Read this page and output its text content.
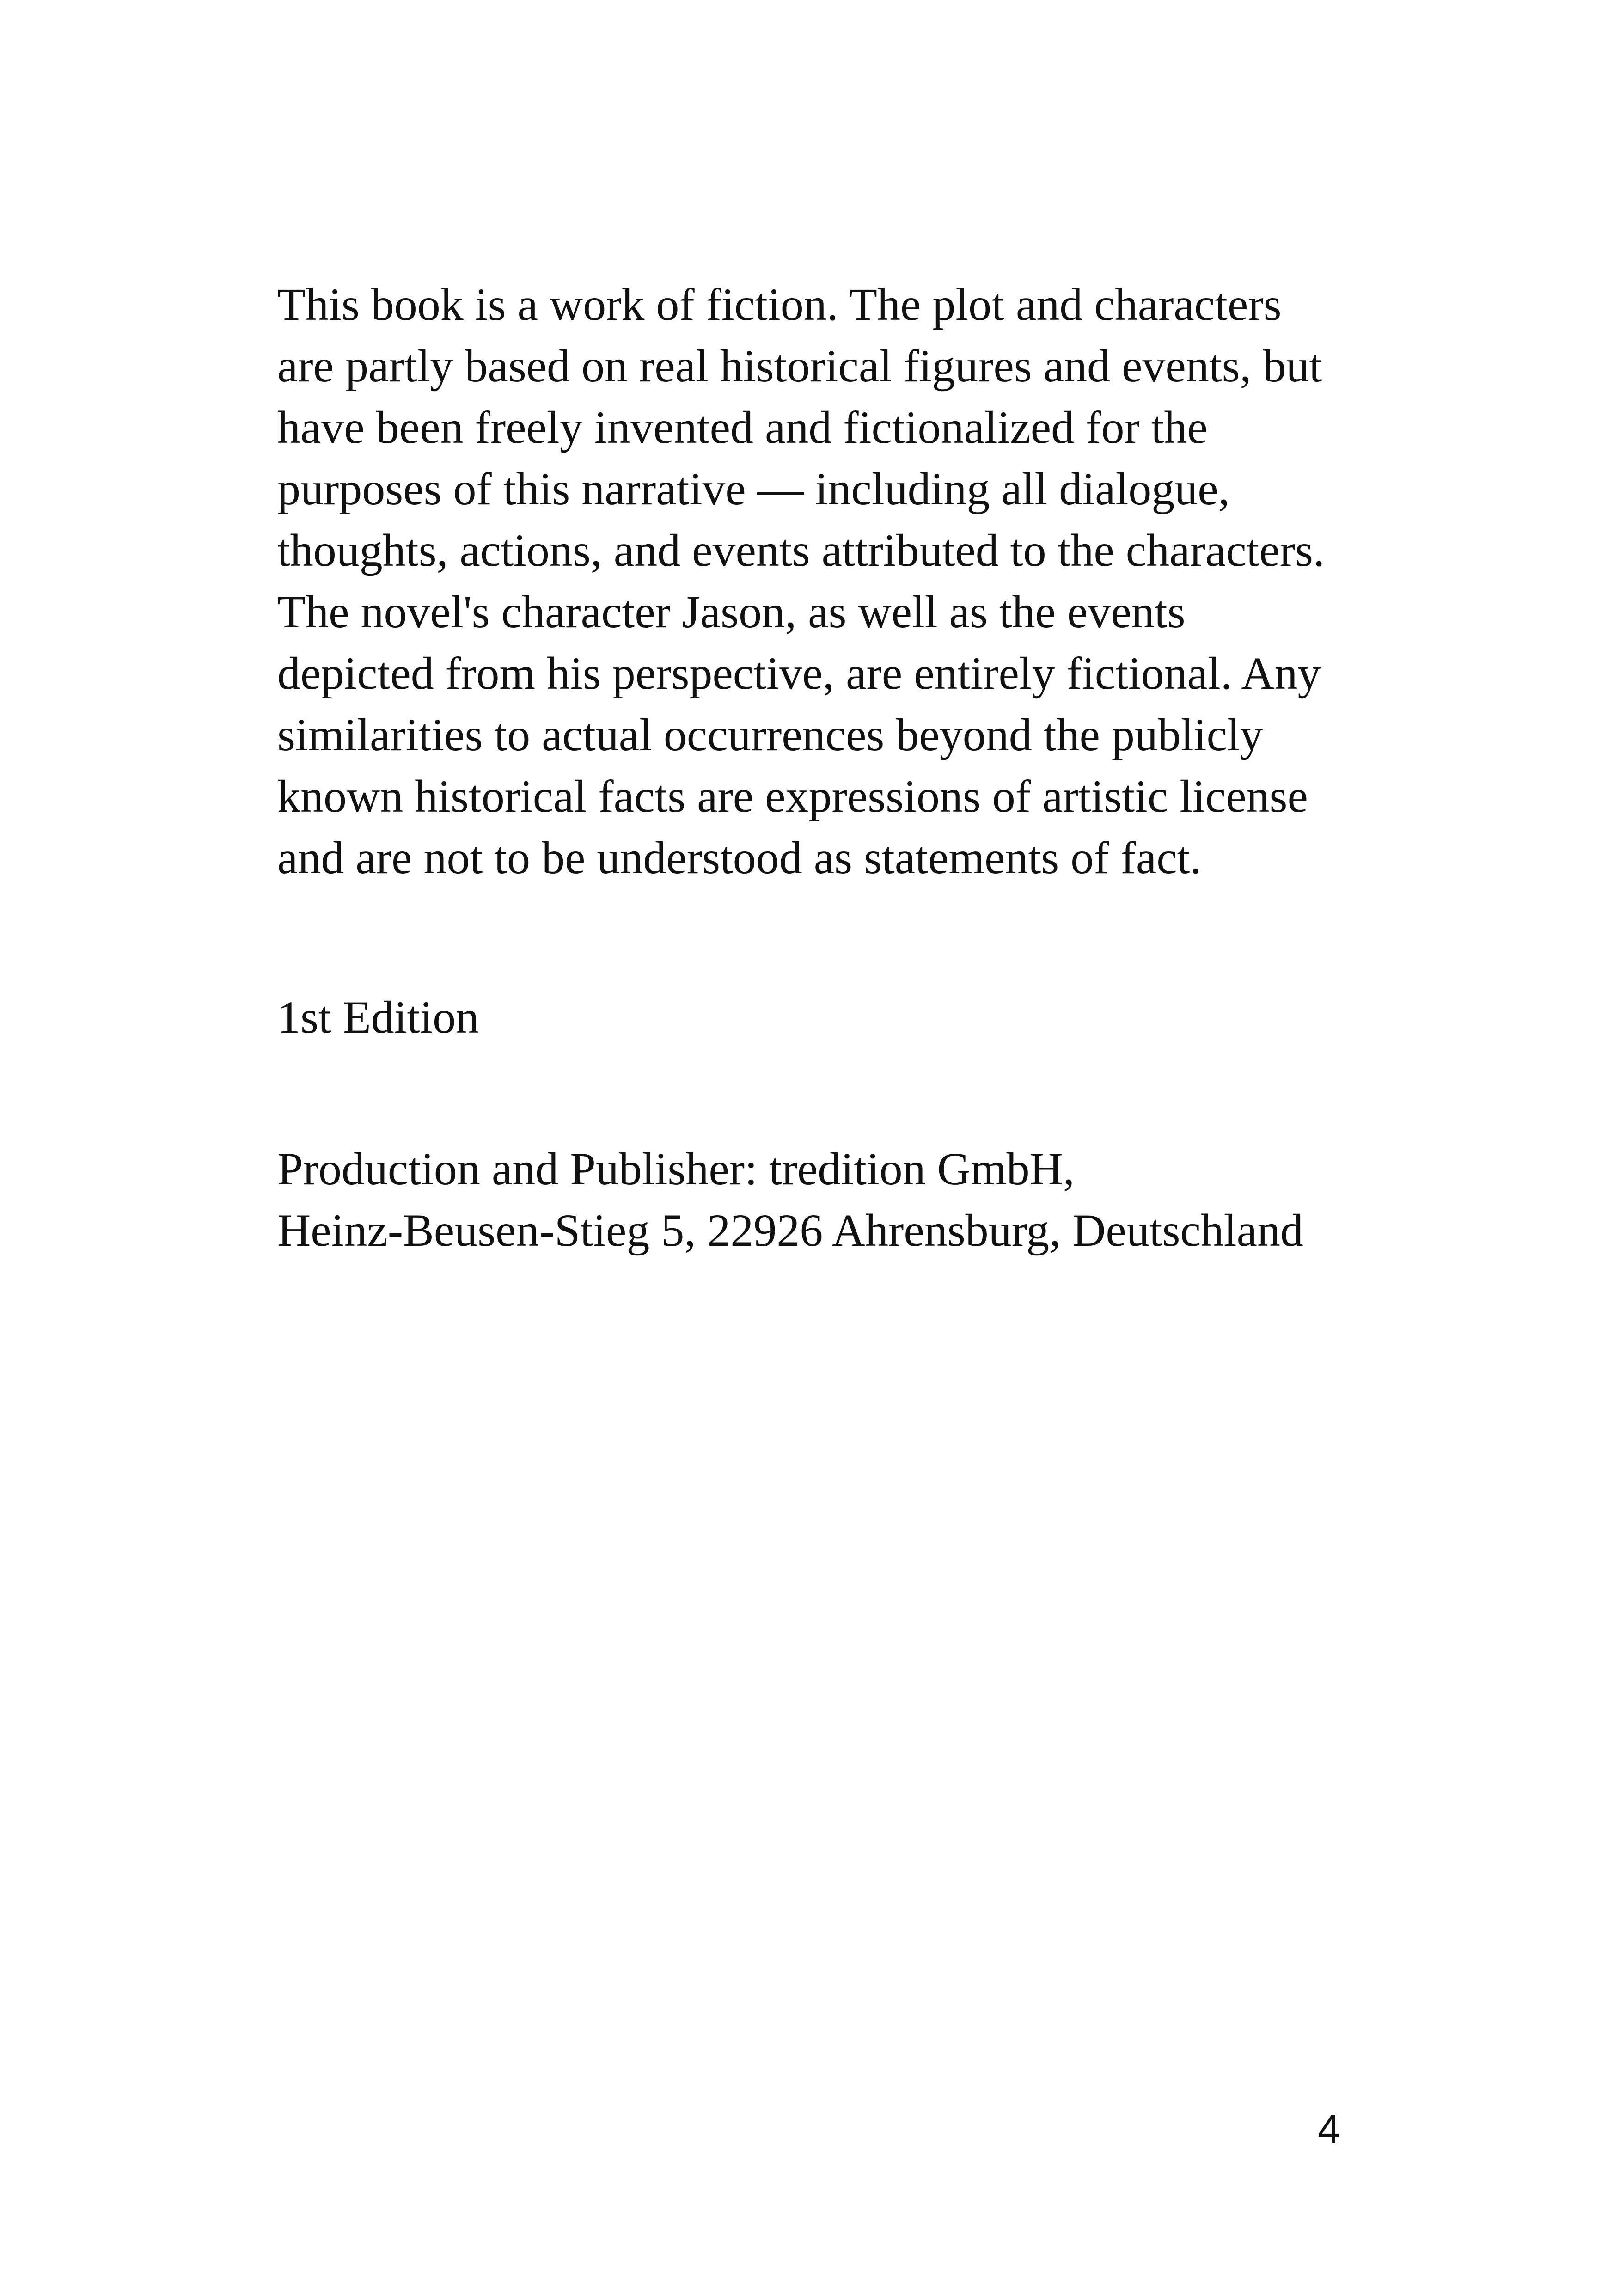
This book is a work of fiction. The plot and characters
are partly based on real historical figures and events, but
have been freely invented and fictionalized for the
purposes of this narrative — including all dialogue,
thoughts, actions, and events attributed to the characters.
The novel's character Jason, as well as the events
depicted from his perspective, are entirely fictional. Any
similarities to actual occurrences beyond the publicly
known historical facts are expressions of artistic license
and are not to be understood as statements of fact.
1st Edition
Production and Publisher: tredition GmbH,
Heinz-Beusen-Stieg 5, 22926 Ahrensburg, Deutschland
4
